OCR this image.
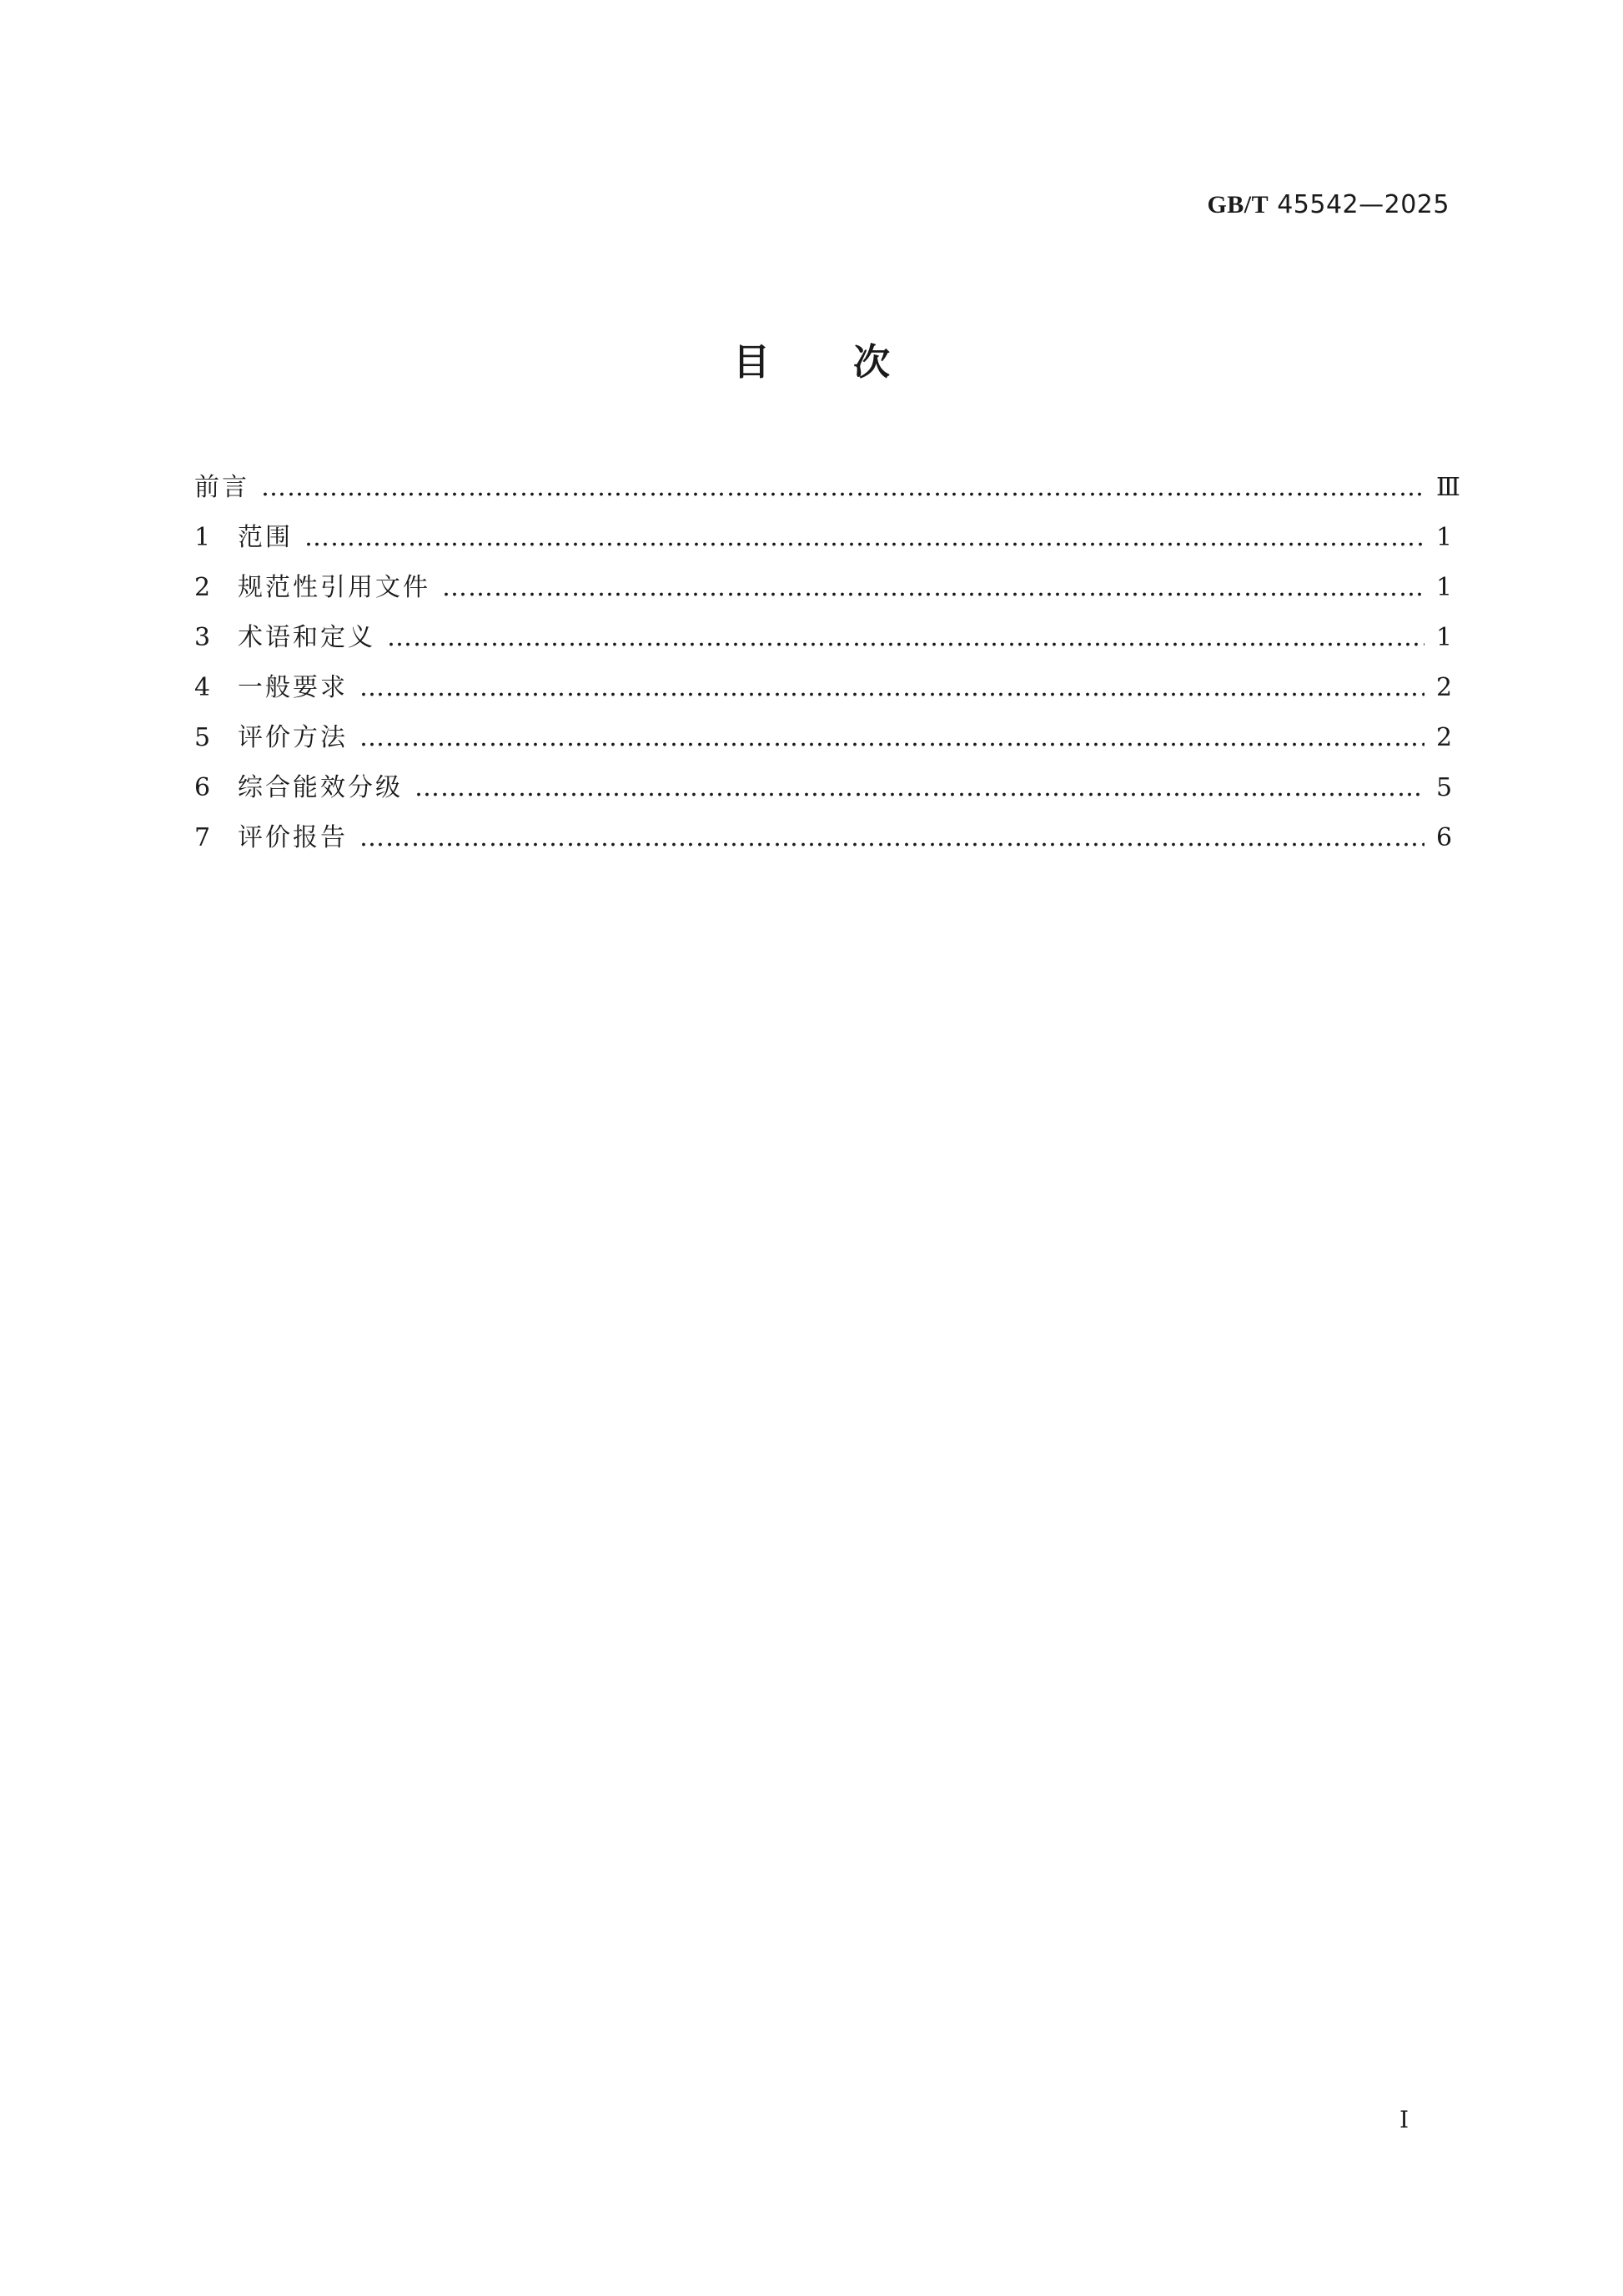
GB/T 45542—2025
目次
前言 …………………………………………………………………………………………………………………………………………………………………………………………………………………………………………………………………………………………	Ⅲ
1	范围 …………………………………………………………………………………………………………………………………………………………………………………………………………………………………………………………………………………………	1
2	规范性引用文件 …………………………………………………………………………………………………………………………………………………………………………………………………………………………………………………………………………………………	1
3	术语和定义 …………………………………………………………………………………………………………………………………………………………………………………………………………………………………………………………………………………………	1
4	一般要求 …………………………………………………………………………………………………………………………………………………………………………………………………………………………………………………………………………………………	2
5	评价方法 …………………………………………………………………………………………………………………………………………………………………………………………………………………………………………………………………………………………	2
6	综合能效分级 …………………………………………………………………………………………………………………………………………………………………………………………………………………………………………………………………………………………	5
7	评价报告 …………………………………………………………………………………………………………………………………………………………………………………………………………………………………………………………………………………………	6
Ⅰ
